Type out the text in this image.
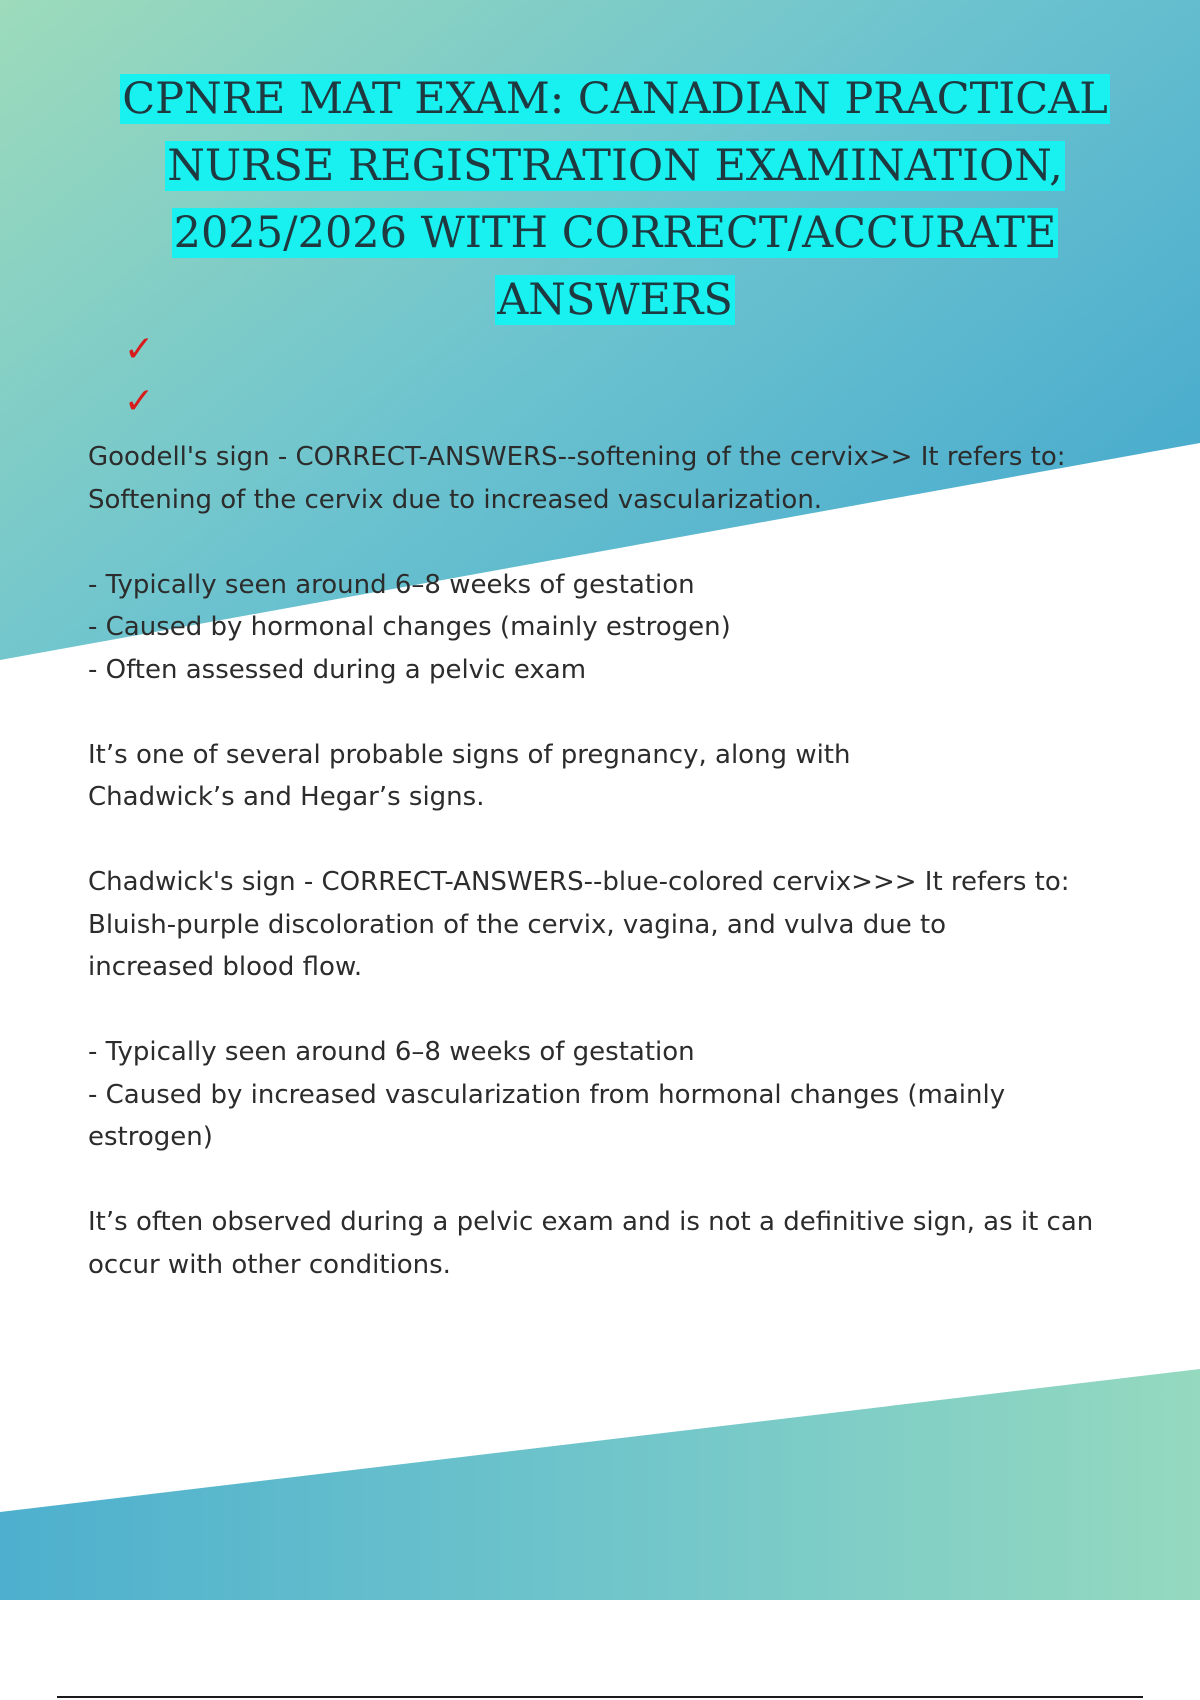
CPNRE MAT EXAM: CANADIAN PRACTICAL NURSE REGISTRATION EXAMINATION, 2025/2026 WITH CORRECT/ACCURATE ANSWERS
✓
✓

Goodell's sign - CORRECT-ANSWERS--softening of the cervix>> It refers to:

Softening of the cervix due to increased vascularization.

- Typically seen around 6–8 weeks of gestation

- Caused by hormonal changes (mainly estrogen)

- Often assessed during a pelvic exam

It’s one of several probable signs of pregnancy, along with Chadwick’s and Hegar’s signs.

Chadwick's sign - CORRECT-ANSWERS--blue-colored cervix>>> It refers to:

Bluish-purple discoloration of the cervix, vagina, and vulva due to increased blood flow.

- Typically seen around 6–8 weeks of gestation

- Caused by increased vascularization from hormonal changes (mainly estrogen)

It’s often observed during a pelvic exam and is not a definitive sign, as it can occur with other conditions.
